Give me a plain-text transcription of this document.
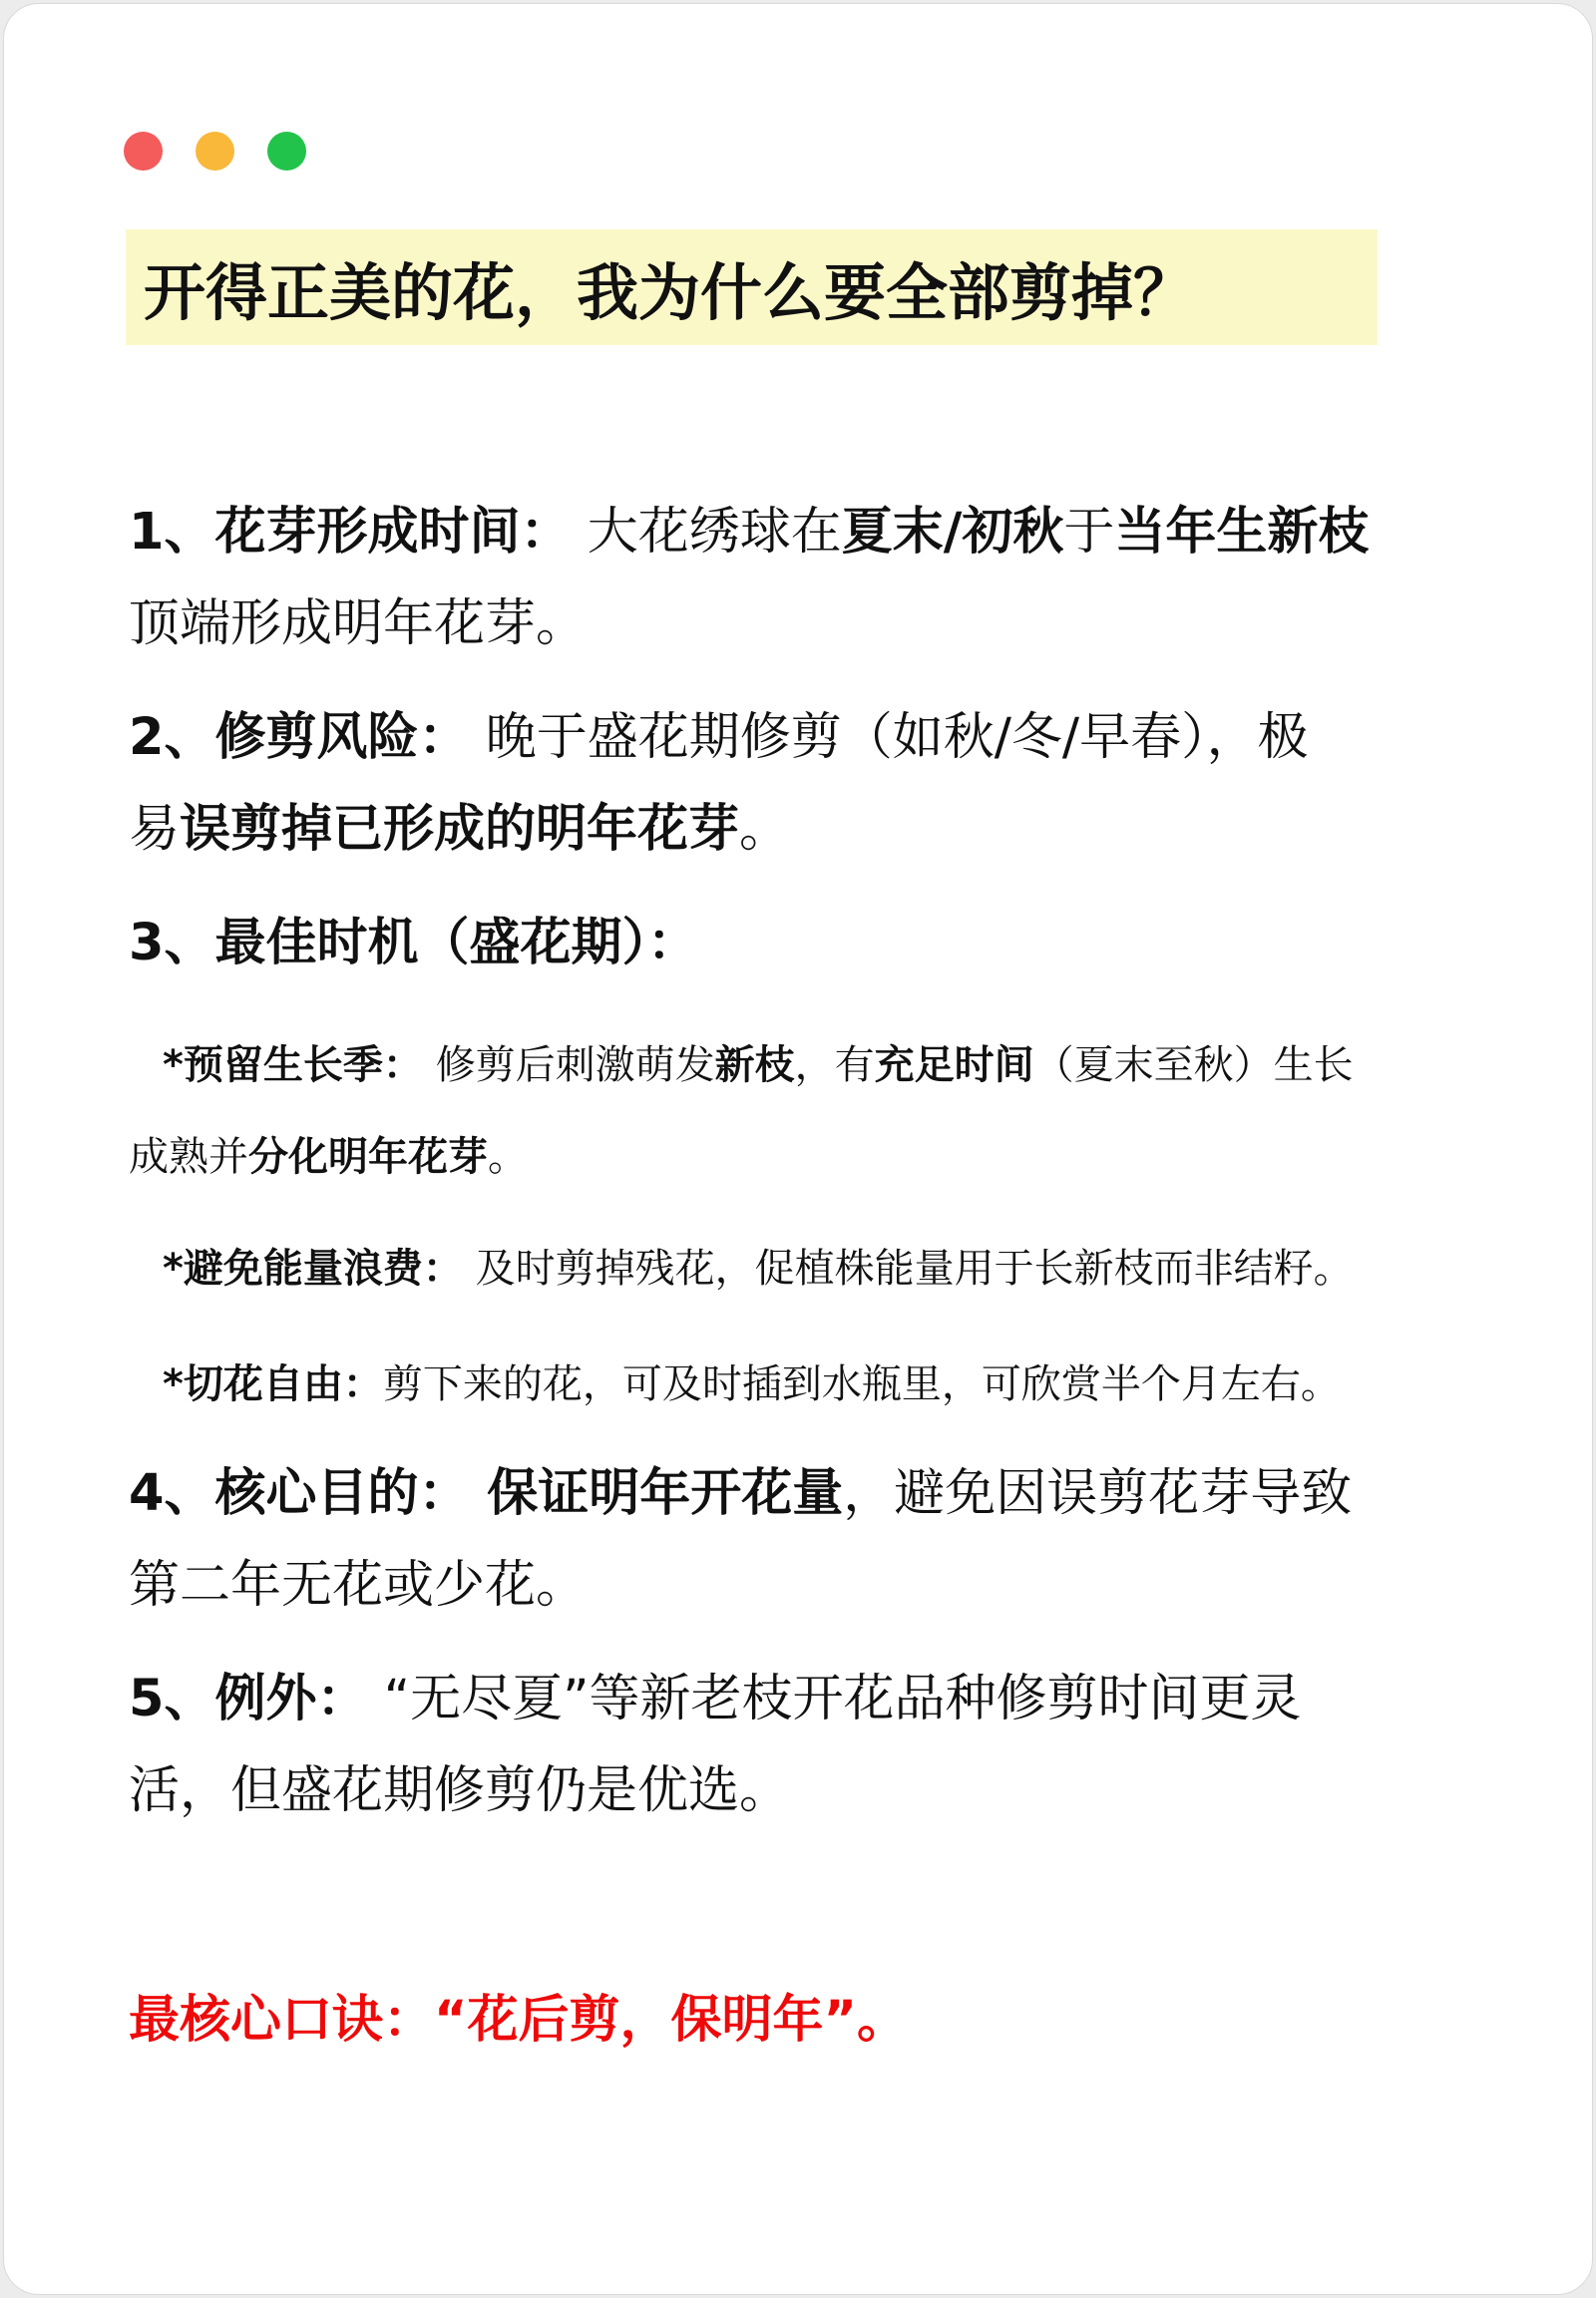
开得正美的花，我为什么要全部剪掉？
1、花芽形成时间： 大花绣球在夏末/初秋于当年生新枝
顶端形成明年花芽。
2、修剪风险： 晚于盛花期修剪（如秋/冬/早春），极
易误剪掉已形成的明年花芽。
3、最佳时机（盛花期）：
*预留生长季： 修剪后刺激萌发新枝，有充足时间（夏末至秋）生长
成熟并分化明年花芽。
*避免能量浪费： 及时剪掉残花，促植株能量用于长新枝而非结籽。
*切花自由：剪下来的花，可及时插到水瓶里，可欣赏半个月左右。
4、核心目的： 保证明年开花量，避免因误剪花芽导致
第二年无花或少花。
5、例外： “无尽夏”等新老枝开花品种修剪时间更灵
活，但盛花期修剪仍是优选。
最核心口诀：“花后剪，保明年”。
